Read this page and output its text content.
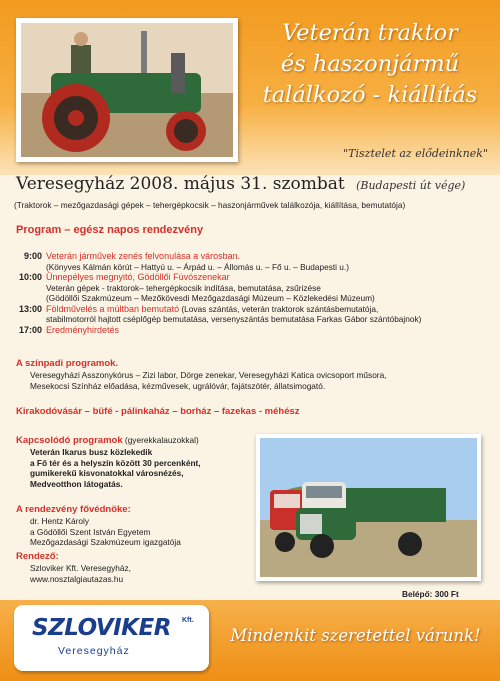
Veterán traktor
és haszonjármű
találkozó - kiállítás
"Tisztelet az elődeinknek"
Veresegyház 2008. május 31. szombat (Budapesti út vége)
(Traktorok – mezőgazdasági gépek – tehergépkocsik – haszonjárművek találkozója, kiállítása, bemutatója)
Program – egész napos rendezvény
9:00 Veterán járművek zenés felvonulása a városban.
(Könyves Kálmán körút – Hattyú u. – Árpád u. – Állomás u. – Fő u. – Budapesti u.)
10:00 Ünnepélyes megnyitó, Gödöllői Fúvószenekar
Veterán gépek - traktorok– tehergépkocsik indítása, bemutatása, zsűrizése
(Gödöllői Szakmúzeum – Mezőkövesdi Mezőgazdasági Múzeum – Közlekedési Múzeum)
13:00 Földművelés a múltban bemutató (Lovas szántás, veterán traktorok szántásbemutatója,
stabilmotorról hajtott cséplőgép bemutatása, versenyszántás bemutatása Farkas Gábor szántóbajnok)
17:00 Eredményhirdetés
A színpadi programok.
Veresegyházi Asszonykórus – Zizi labor, Dörge zenekar, Veresegyházi Katica ovicsoport műsora,
Mesekocsi Színház előadása, kézművesek, ugrálóvár, fajátszótér, állatsimogató.
Kirakodóvásár – büfé - pálinkaház – borház – fazekas - méhész
Kapcsolódó programok (gyerekkalauzokkal)
Veterán Ikarus busz közlekedik
a Fő tér és a helyszín között 30 percenként,
gumikerekű kisvonatokkal városnézés,
Medveotthon látogatás.
A rendezvény fővédnöke:
dr. Hentz Károly
a Gödöllői Szent István Egyetem
Mezőgazdasági Szakmúzeum igazgatója
Rendező:
Szloviker Kft. Veresegyház,
www.nosztalgiautazas.hu
Belépő: 300 Ft
SZLOVIKER Kft.
Veresegyház
Mindenkit szeretettel várunk!
